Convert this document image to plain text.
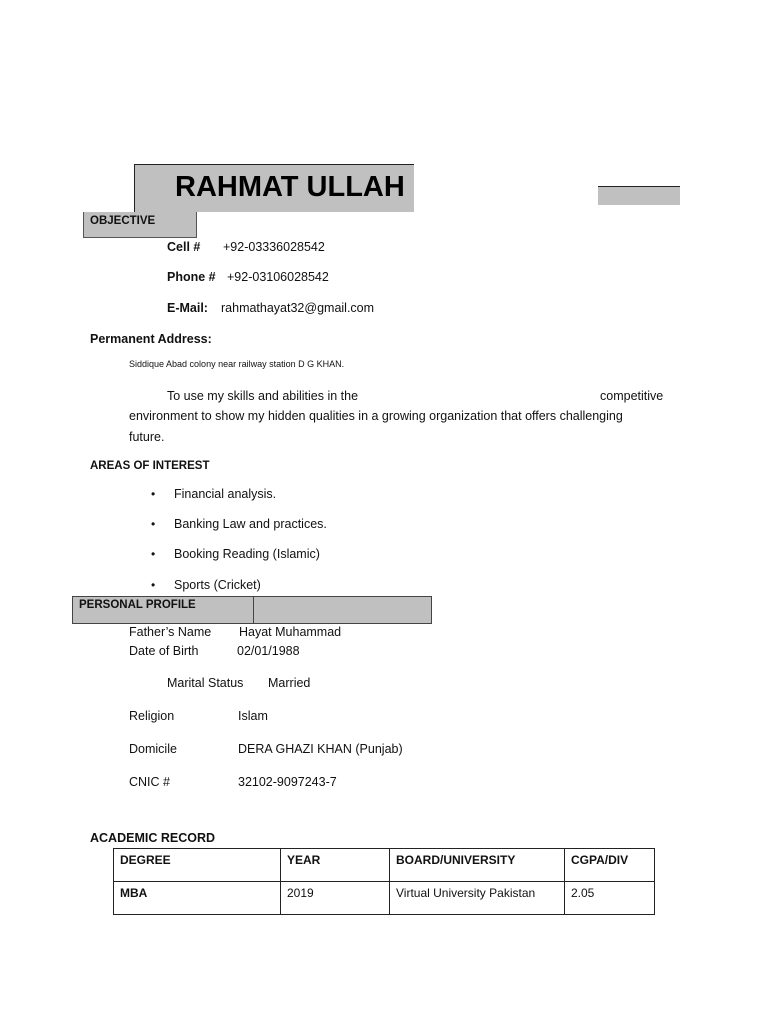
RAHMAT ULLAH
OBJECTIVE
Cell # +92-03336028542
Phone # +92-03106028542
E-Mail: rahmathayat32@gmail.com
Permanent Address:
Siddique Abad colony near railway station D G KHAN.
To use my skills and abilities in the	competitive
environment to show my hidden qualities in a growing organization that offers challenging
future.
AREAS OF INTEREST
• Financial analysis.
• Banking Law and practices.
• Booking Reading (Islamic)
• Sports (Cricket)
PERSONAL PROFILE
Father’s Name Hayat Muhammad
Date of Birth	02/01/1988
Marital Status Married
Religion	Islam
Domicile	DERA GHAZI KHAN (Punjab)
CNIC #	32102-9097243-7
ACADEMIC RECORD
DEGREE	YEAR	BOARD/UNIVERSITY	CGPA/DIV
MBA	2019	Virtual University Pakistan	2.05
